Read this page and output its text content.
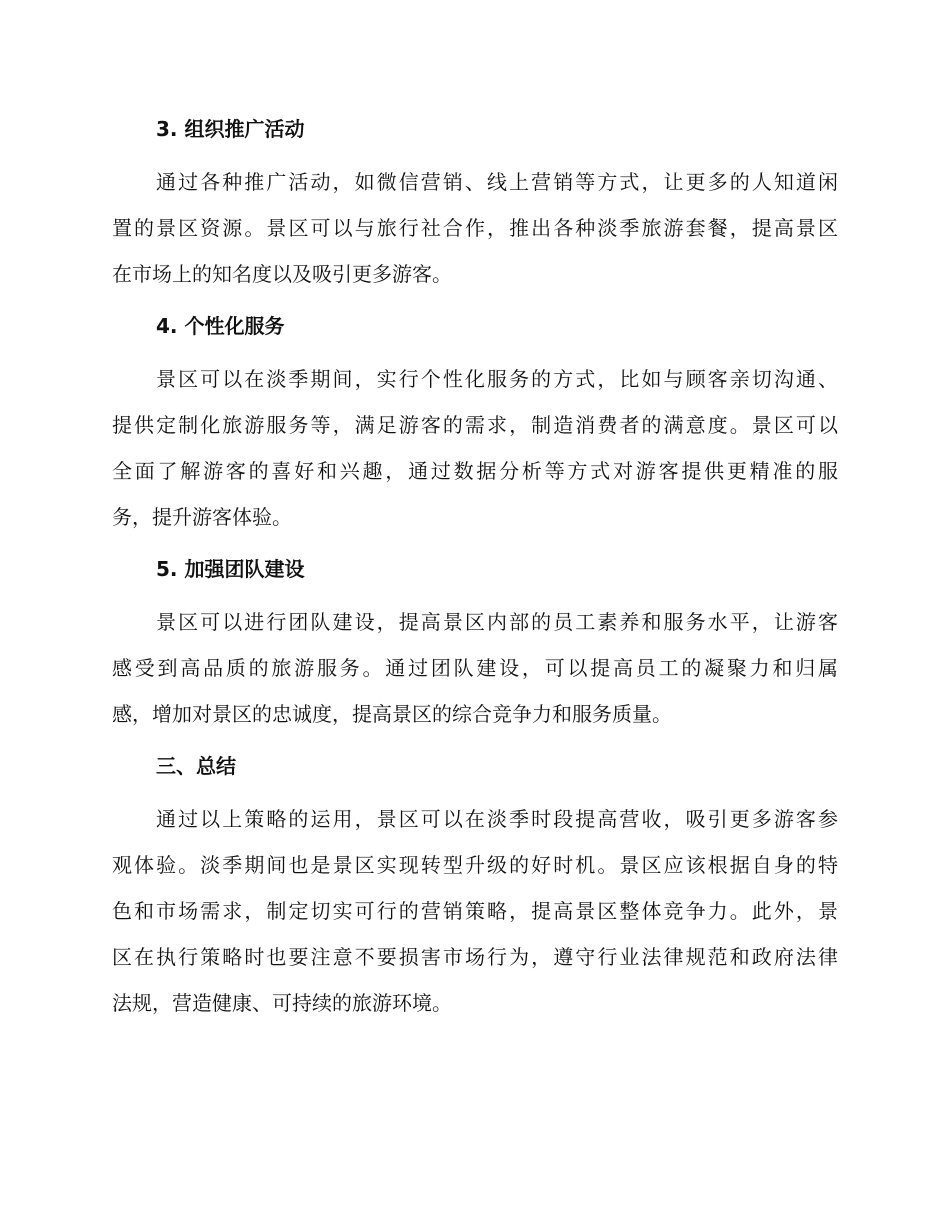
3. 组织推广活动
通过各种推广活动，如微信营销、线上营销等方式，让更多的人知道闲
置的景区资源。景区可以与旅行社合作，推出各种淡季旅游套餐，提高景区
在市场上的知名度以及吸引更多游客。
4. 个性化服务
景区可以在淡季期间，实行个性化服务的方式，比如与顾客亲切沟通、
提供定制化旅游服务等，满足游客的需求，制造消费者的满意度。景区可以
全面了解游客的喜好和兴趣，通过数据分析等方式对游客提供更精准的服
务，提升游客体验。
5. 加强团队建设
景区可以进行团队建设，提高景区内部的员工素养和服务水平，让游客
感受到高品质的旅游服务。通过团队建设，可以提高员工的凝聚力和归属
感，增加对景区的忠诚度，提高景区的综合竞争力和服务质量。
三、总结
通过以上策略的运用，景区可以在淡季时段提高营收，吸引更多游客参
观体验。淡季期间也是景区实现转型升级的好时机。景区应该根据自身的特
色和市场需求，制定切实可行的营销策略，提高景区整体竞争力。此外，景
区在执行策略时也要注意不要损害市场行为，遵守行业法律规范和政府法律
法规，营造健康、可持续的旅游环境。
